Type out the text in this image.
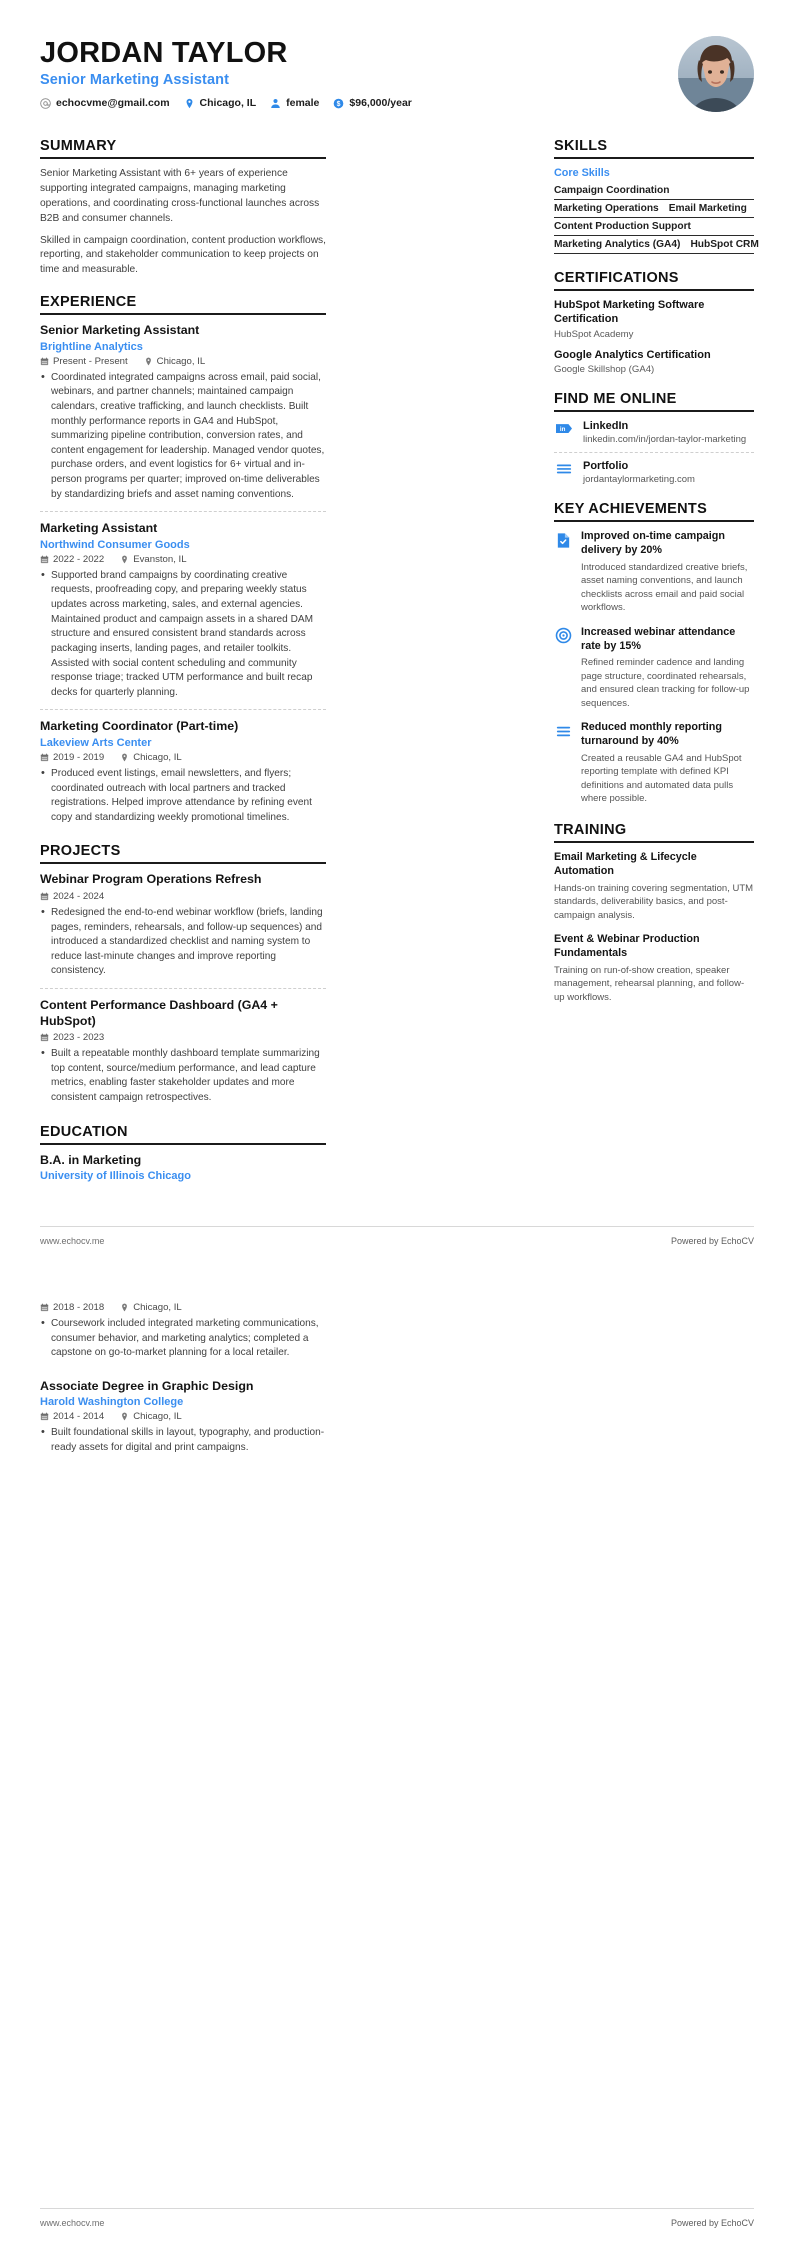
JORDAN TAYLOR
Senior Marketing Assistant
echocvme@gmail.com	Chicago, IL	female $ $96,000/year
SUMMARY
Senior Marketing Assistant with 6+ years of experience supporting integrated campaigns, managing marketing operations, and coordinating cross-functional launches across B2B and consumer channels.
Skilled in campaign coordination, content production workflows, reporting, and stakeholder communication to keep projects on time and measurable.
EXPERIENCE
Senior Marketing Assistant
Brightline Analytics
Present - Present	Chicago, IL
• Coordinated integrated campaigns across email, paid social, webinars, and partner channels; maintained campaign calendars, creative trafficking, and launch checklists. Built monthly performance reports in GA4 and HubSpot, summarizing pipeline contribution, conversion rates, and content engagement for leadership. Managed vendor quotes, purchase orders, and event logistics for 6+ virtual and in-person programs per quarter; improved on-time deliverables by standardizing briefs and asset naming conventions.
Marketing Assistant
Northwind Consumer Goods
2022 - 2022	Evanston, IL
• Supported brand campaigns by coordinating creative requests, proofreading copy, and preparing weekly status updates across marketing, sales, and external agencies. Maintained product and campaign assets in a shared DAM structure and ensured consistent brand standards across packaging inserts, landing pages, and retailer toolkits. Assisted with social content scheduling and community response triage; tracked UTM performance and built recap decks for quarterly planning.
Marketing Coordinator (Part-time)
Lakeview Arts Center
2019 - 2019	Chicago, IL
• Produced event listings, email newsletters, and flyers; coordinated outreach with local partners and tracked registrations. Helped improve attendance by refining event copy and standardizing weekly promotional timelines.
PROJECTS
Webinar Program Operations Refresh
2024 - 2024
• Redesigned the end-to-end webinar workflow (briefs, landing pages, reminders, rehearsals, and follow-up sequences) and introduced a standardized checklist and naming system to reduce last-minute changes and improve reporting consistency.
Content Performance Dashboard (GA4 + HubSpot)
2023 - 2023
• Built a repeatable monthly dashboard template summarizing top content, source/medium performance, and lead capture metrics, enabling faster stakeholder updates and more consistent campaign retrospectives.
EDUCATION
B.A. in Marketing
University of Illinois Chicago
SKILLS
Core Skills
Campaign Coordination
Marketing Operations Email Marketing
Content Production Support
Marketing Analytics (GA4) HubSpot CRM
CERTIFICATIONS
HubSpot Marketing Software Certification
HubSpot Academy
Google Analytics Certification
Google Skillshop (GA4)
FIND ME ONLINE
in LinkedIn
linkedin.com/in/jordan-taylor-marketing
Portfolio
jordantaylormarketing.com
KEY ACHIEVEMENTS
Improved on-time campaign delivery by 20%
Introduced standardized creative briefs, asset naming conventions, and launch checklists across email and paid social workflows.
Increased webinar attendance rate by 15%
Refined reminder cadence and landing page structure, coordinated rehearsals, and ensured clean tracking for follow-up sequences.
Reduced monthly reporting turnaround by 40%
Created a reusable GA4 and HubSpot reporting template with defined KPI definitions and automated data pulls where possible.
TRAINING
Email Marketing & Lifecycle Automation
Hands-on training covering segmentation, UTM standards, deliverability basics, and post-campaign analysis.
Event & Webinar Production Fundamentals
Training on run-of-show creation, speaker management, rehearsal planning, and follow-up workflows.
www.echocv.me	Powered by EchoCV
2018 - 2018	Chicago, IL
• Coursework included integrated marketing communications, consumer behavior, and marketing analytics; completed a capstone on go-to-market planning for a local retailer.
Associate Degree in Graphic Design
Harold Washington College
2014 - 2014	Chicago, IL
• Built foundational skills in layout, typography, and production-ready assets for digital and print campaigns.
www.echocv.me	Powered by EchoCV
